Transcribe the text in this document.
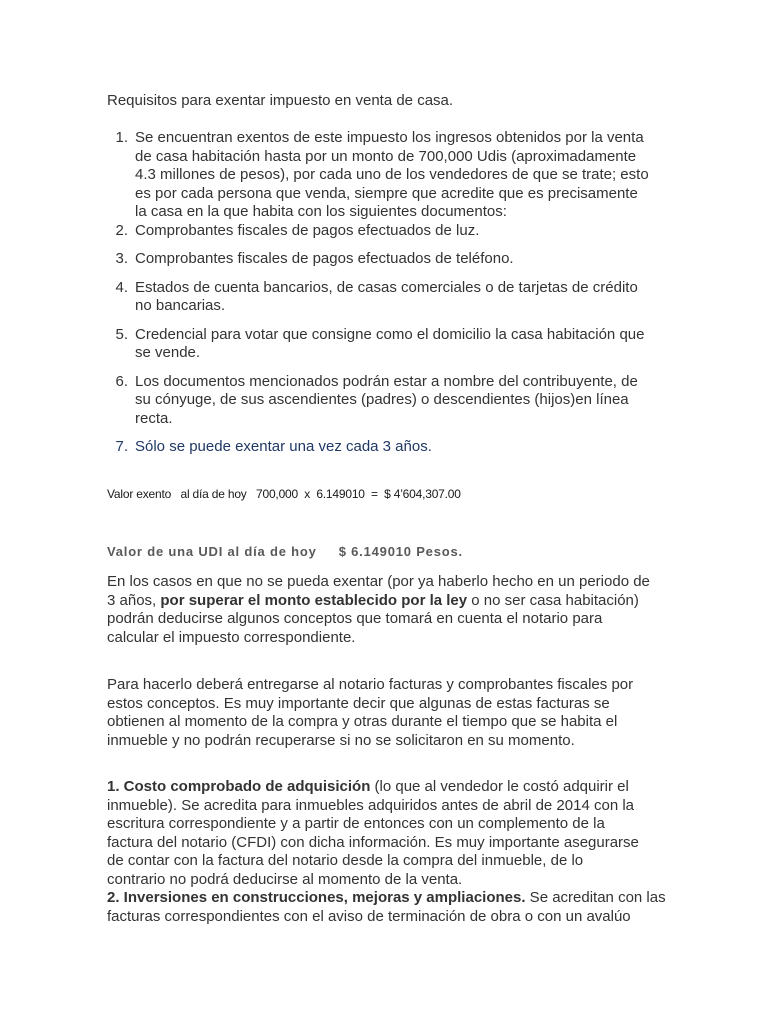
Requisitos para exentar impuesto en venta de casa.

1. Se encuentran exentos de este impuesto los ingresos obtenidos por la venta
de casa habitación hasta por un monto de 700,000 Udis (aproximadamente
4.3 millones de pesos), por cada uno de los vendedores de que se trate; esto
es por cada persona que venda, siempre que acredite que es precisamente
la casa en la que habita con los siguientes documentos:
2. Comprobantes fiscales de pagos efectuados de luz.
3. Comprobantes fiscales de pagos efectuados de teléfono.
4. Estados de cuenta bancarios, de casas comerciales o de tarjetas de crédito
no bancarias.
5. Credencial para votar que consigne como el domicilio la casa habitación que
se vende.
6. Los documentos mencionados podrán estar a nombre del contribuyente, de
su cónyuge, de sus ascendientes (padres) o descendientes (hijos)en línea
recta.
7. Sólo se puede exentar una vez cada 3 años.

Valor exento   al día de hoy   700,000  x  6.149010  =  $ 4’604,307.00

Valor de una UDI al día de hoy     $ 6.149010 Pesos.

En los casos en que no se pueda exentar (por ya haberlo hecho en un periodo de
3 años, por superar el monto establecido por la ley o no ser casa habitación)
podrán deducirse algunos conceptos que tomará en cuenta el notario para
calcular el impuesto correspondiente.
Para hacerlo deberá entregarse al notario facturas y comprobantes fiscales por
estos conceptos. Es muy importante decir que algunas de estas facturas se
obtienen al momento de la compra y otras durante el tiempo que se habita el
inmueble y no podrán recuperarse si no se solicitaron en su momento.
1. Costo comprobado de adquisición (lo que al vendedor le costó adquirir el
inmueble). Se acredita para inmuebles adquiridos antes de abril de 2014 con la
escritura correspondiente y a partir de entonces con un complemento de la
factura del notario (CFDI) con dicha información. Es muy importante asegurarse
de contar con la factura del notario desde la compra del inmueble, de lo
contrario no podrá deducirse al momento de la venta.
2. Inversiones en construcciones, mejoras y ampliaciones. Se acreditan con las
facturas correspondientes con el aviso de terminación de obra o con un avalúo
